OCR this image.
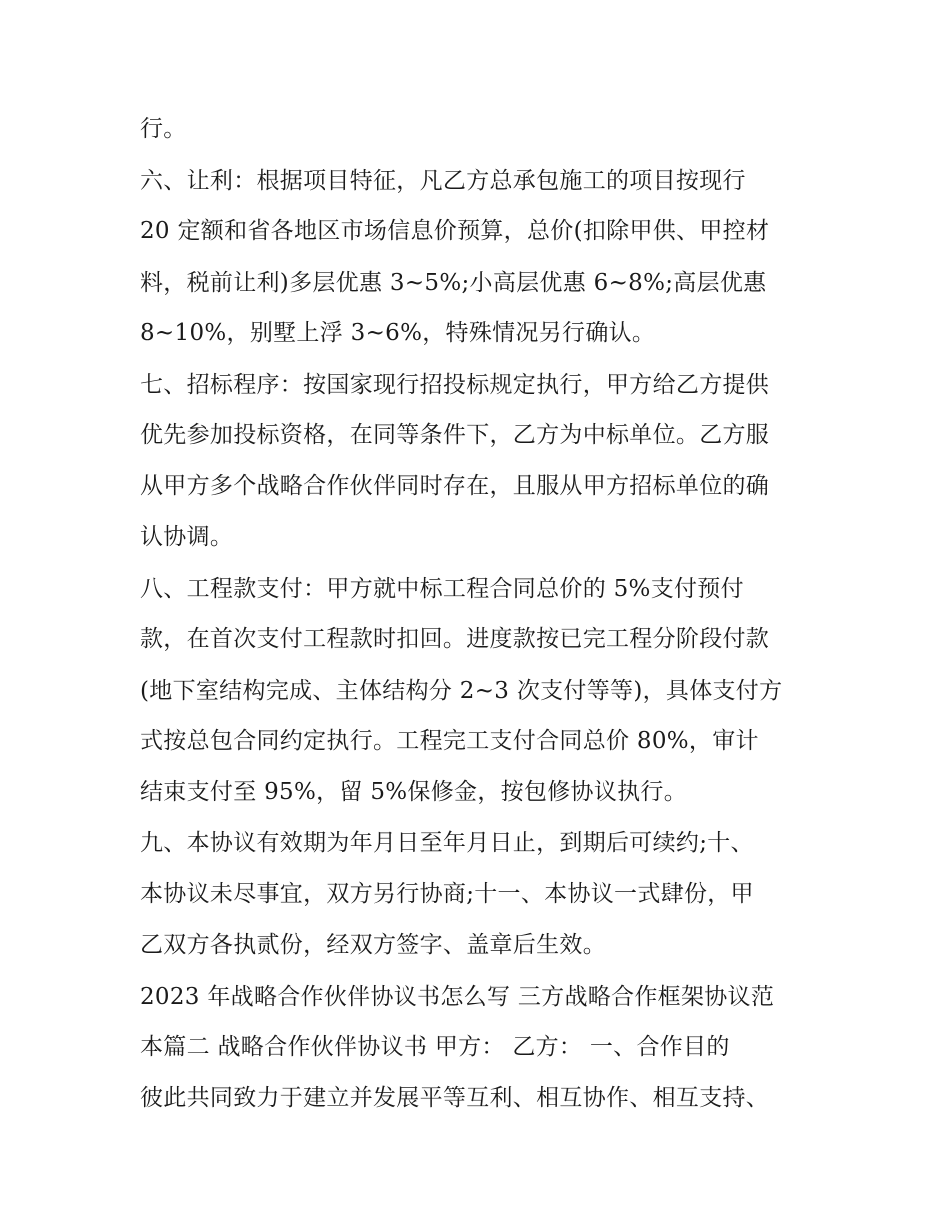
行。
六、让利：根据项目特征，凡乙方总承包施工的项目按现行
20 定额和省各地区市场信息价预算，总价(扣除甲供、甲控材
料，税前让利)多层优惠 3~5%;小高层优惠 6~8%;高层优惠
8~10%，别墅上浮 3~6%，特殊情况另行确认。
七、招标程序：按国家现行招投标规定执行，甲方给乙方提供
优先参加投标资格，在同等条件下，乙方为中标单位。乙方服
从甲方多个战略合作伙伴同时存在，且服从甲方招标单位的确
认协调。
八、工程款支付：甲方就中标工程合同总价的 5%支付预付
款，在首次支付工程款时扣回。进度款按已完工程分阶段付款
(地下室结构完成、主体结构分 2~3 次支付等等)，具体支付方
式按总包合同约定执行。工程完工支付合同总价 80%，审计
结束支付至 95%，留 5%保修金，按包修协议执行。
九、本协议有效期为年月日至年月日止，到期后可续约;十、
本协议未尽事宜，双方另行协商;十一、本协议一式肆份，甲
乙双方各执贰份，经双方签字、盖章后生效。
2023 年战略合作伙伴协议书怎么写 三方战略合作框架协议范
本篇二 战略合作伙伴协议书 甲方： 乙方： 一、合作目的
彼此共同致力于建立并发展平等互利、相互协作、相互支持、
